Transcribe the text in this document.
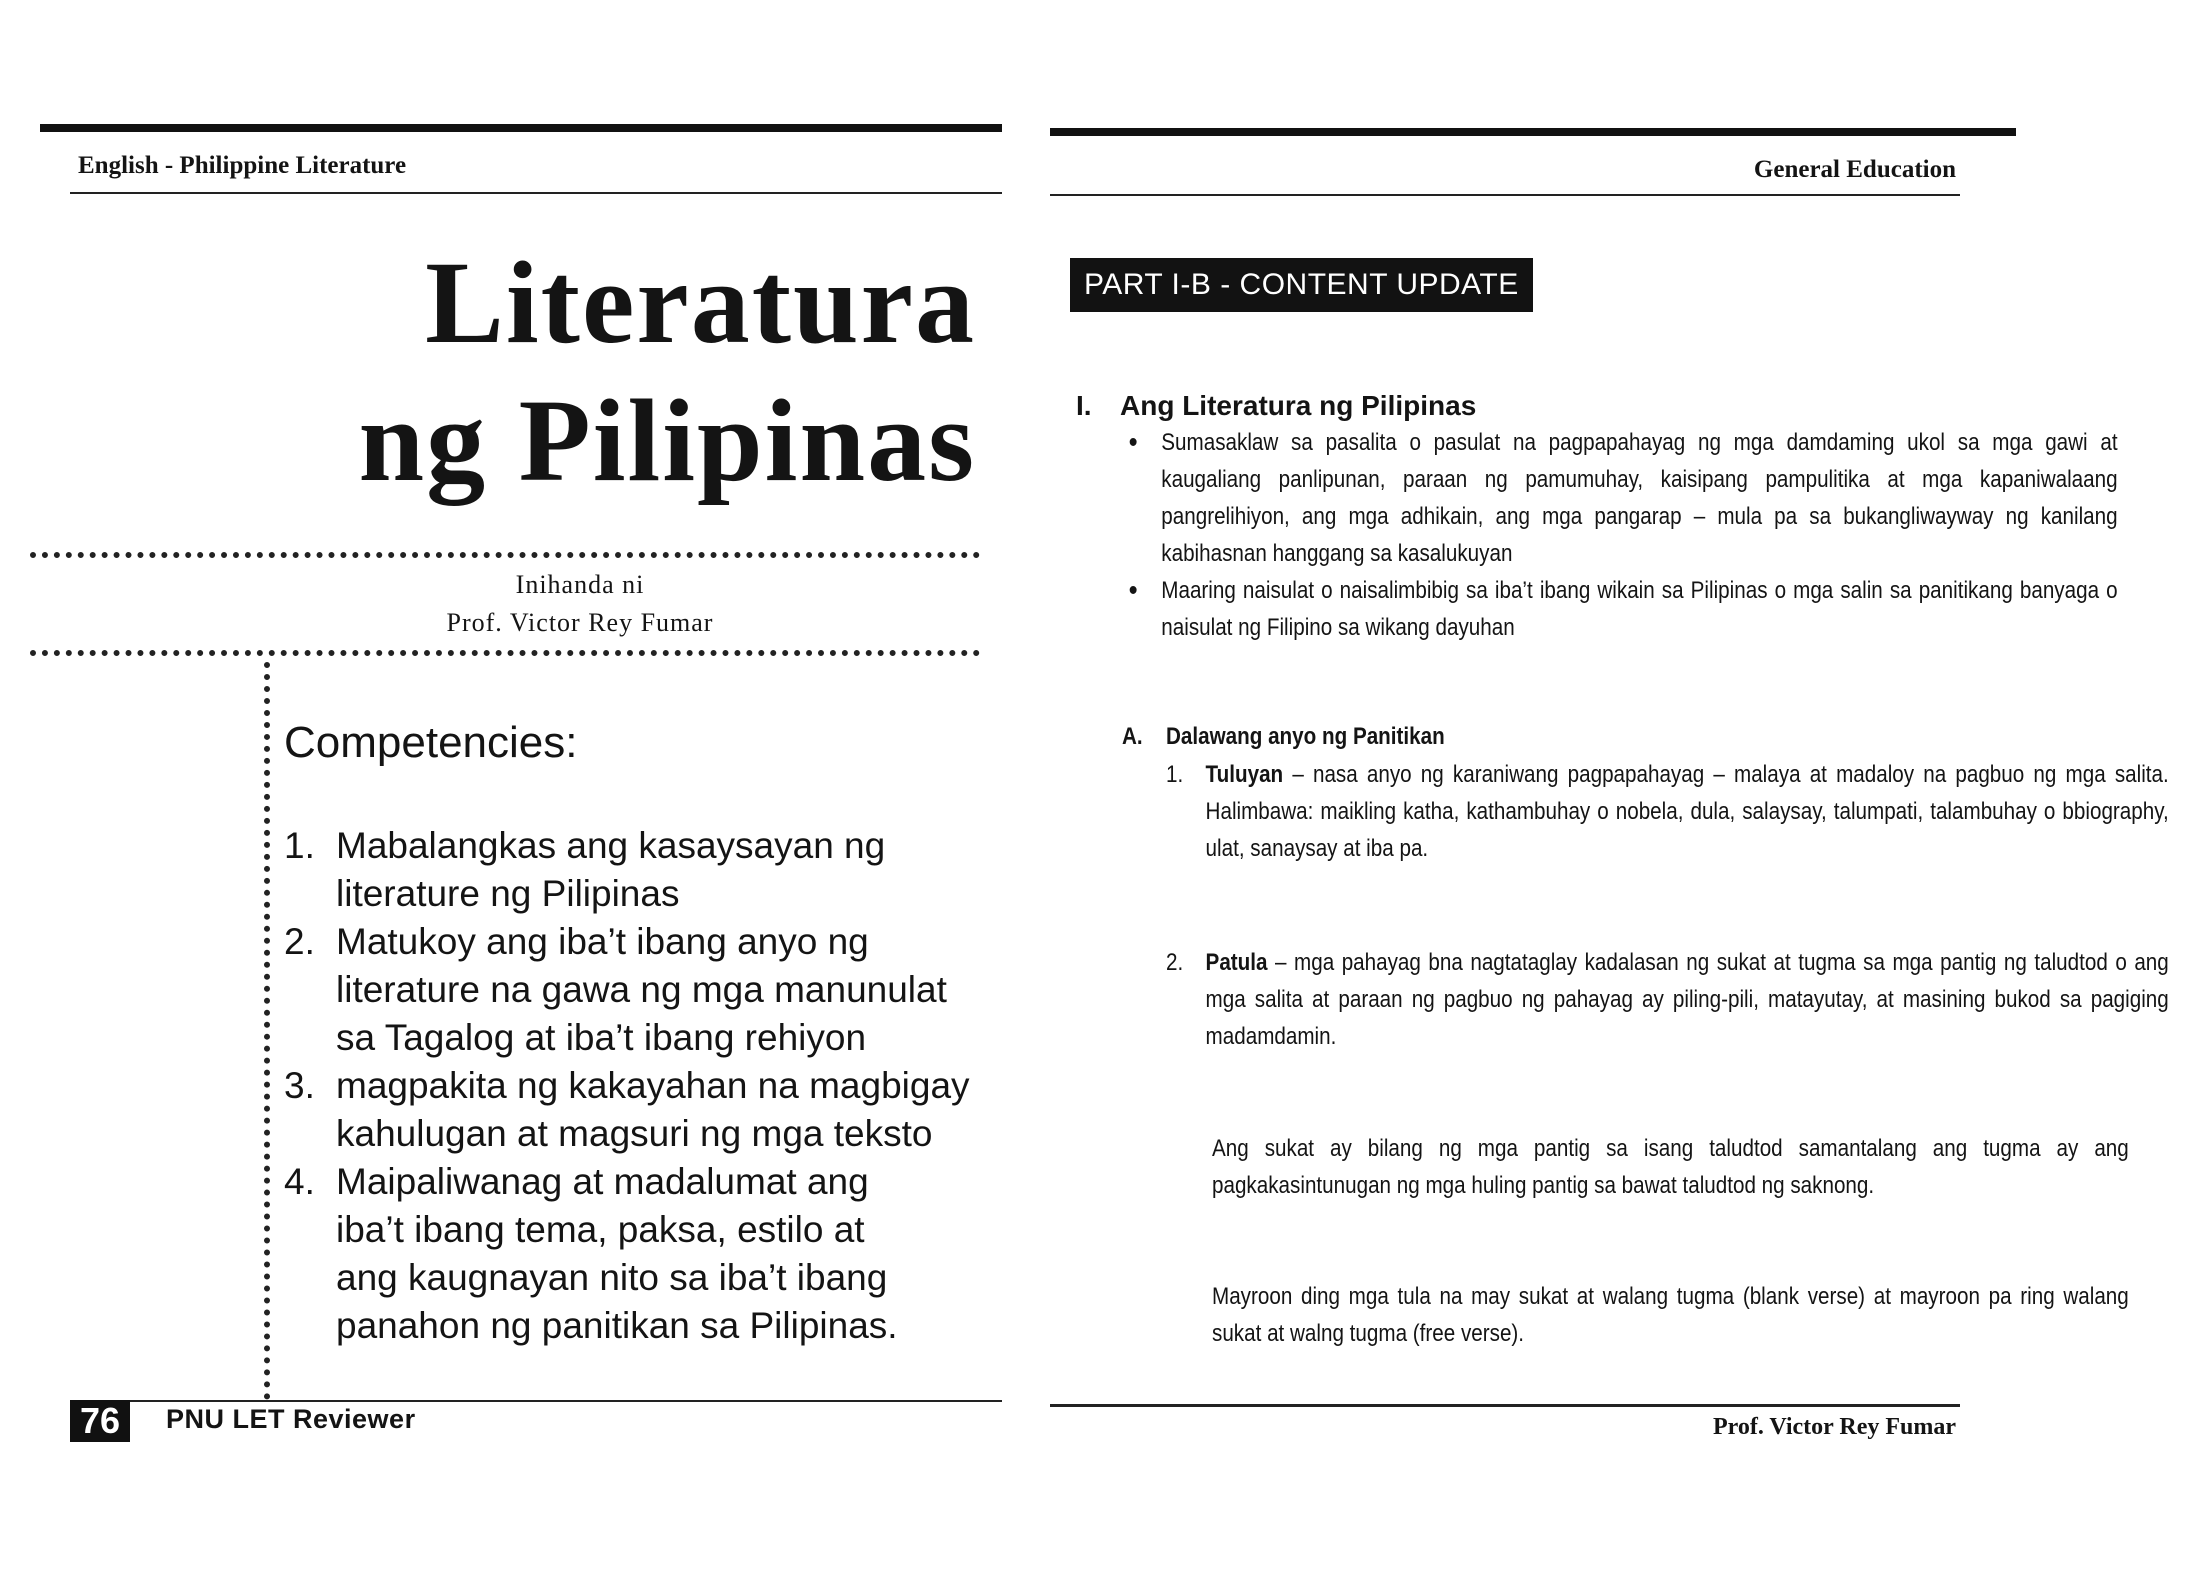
English - Philippine Literature
Literatura
ng Pilipinas
Inihanda ni
Prof. Victor Rey Fumar
Competencies:
1. Mabalangkas ang kasaysayan ng
literature ng Pilipinas
2. Matukoy ang iba’t ibang anyo ng
literature na gawa ng mga manunulat
sa Tagalog at iba’t ibang rehiyon
3. magpakita ng kakayahan na magbigay
kahulugan at magsuri ng mga teksto
4. Maipaliwanag at madalumat ang
iba’t ibang tema, paksa, estilo at
ang kaugnayan nito sa iba’t ibang
panahon ng panitikan sa Pilipinas.
76	PNU LET Reviewer
General Education
PART I-B - CONTENT UPDATE
I. Ang Literatura ng Pilipinas
• Sumasaklaw sa pasalita o pasulat na pagpapahayag ng mga damdaming ukol sa mga gawi at kaugaliang panlipunan, paraan ng pamumuhay, kaisipang pampulitika at mga kapaniwalaang pangrelihiyon, ang mga adhikain, ang mga pangarap – mula pa sa bukangliwayway ng kanilang kabihasnan hanggang sa kasalukuyan
• Maaring naisulat o naisalimbibig sa iba’t ibang wikain sa Pilipinas o mga salin sa panitikang banyaga o naisulat ng Filipino sa wikang dayuhan
A. Dalawang anyo ng Panitikan
1. Tuluyan – nasa anyo ng karaniwang pagpapahayag – malaya at madaloy na pagbuo ng mga salita. Halimbawa: maikling katha, kathambuhay o nobela, dula, salaysay, talumpati, talambuhay o bbiography, ulat, sanaysay at iba pa.
2. Patula – mga pahayag bna nagtataglay kadalasan ng sukat at tugma sa mga pantig ng taludtod o ang mga salita at paraan ng pagbuo ng pahayag ay piling-pili, matayutay, at masining bukod sa pagiging madamdamin.
Ang sukat ay bilang ng mga pantig sa isang taludtod samantalang ang tugma ay ang pagkakasintunugan ng mga huling pantig sa bawat taludtod ng saknong.
Mayroon ding mga tula na may sukat at walang tugma (blank verse) at mayroon pa ring walang sukat at walng tugma (free verse).
Prof. Victor Rey Fumar
